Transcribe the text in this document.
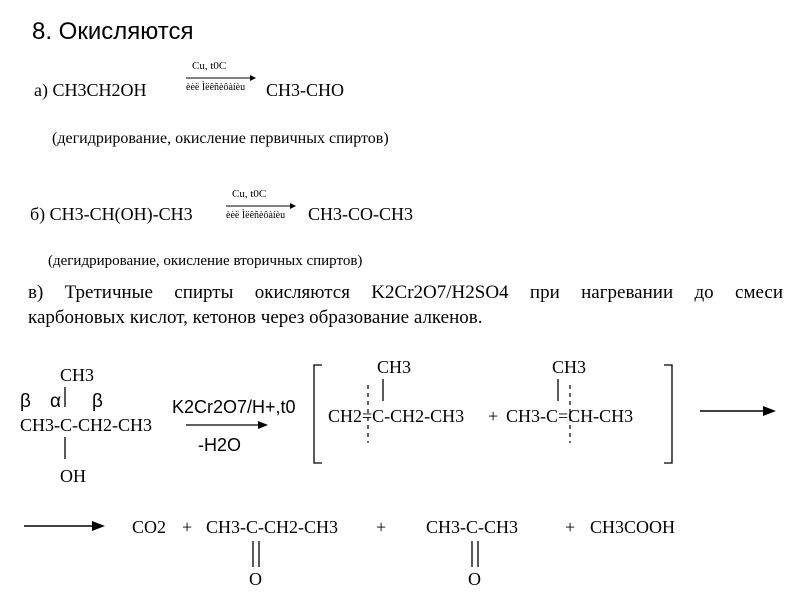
8. Окисляются
а) CH3CH2OH
Cu, t0C
èèë Ìëêñèôàíèu CH3-CHO
(дегидрирование, окисление первичных спиртов)
б) CH3-CH(OH)-CH3
Cu, t0C
èèë Ìëêñèôàíèu CH3-CO-CH3
(дегидрирование, окисление вторичных спиртов)
в) Третичные спирты окисляются K2Cr2O7/H2SO4 при нагревании до смеси
карбоновых кислот, кетонов через образование алкенов.
CH3
β α β
CH3-C-CH2-CH3
OH
K2Cr2O7/H+,t0
-H2O
CH3
CH2=C-CH2-CH3 +
CH3
CH3-C=CH-CH3
CO2 + CH3-C-CH2-CH3
O
+ CH3-C-CH3
O
+ CH3COOH
